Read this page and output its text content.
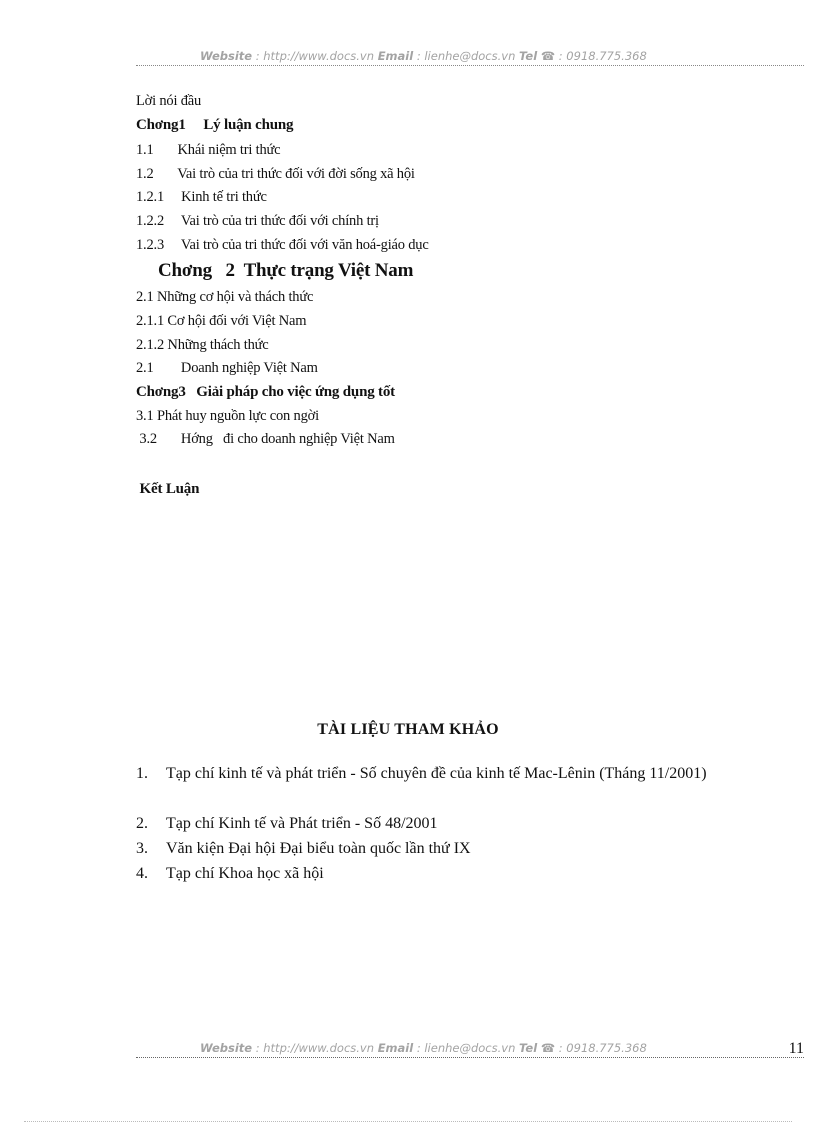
Website : http://www.docs.vn Email : lienhe@docs.vn Tel ☎ : 0918.775.368
Lời nói đầu
Chơng1     Lý luận chung
1.1       Khái niệm tri thức
1.2       Vai trò của tri thức đối với đời sống xã hội
1.2.1     Kinh tế tri thức
1.2.2     Vai trò của tri thức đối với chính trị
1.2.3     Vai trò của tri thức đối với văn hoá-giáo dục
Chơng   2  Thực trạng Việt Nam
2.1 Những cơ hội và thách thức
2.1.1 Cơ hội đối với Việt Nam
2.1.2 Những thách thức
2.1        Doanh nghiệp Việt Nam
Chơng3   Giải pháp cho việc ứng dụng tốt
3.1 Phát huy nguồn lực con ngời
3.2       Hớng   đi cho doanh nghiệp Việt Nam
Kết Luận
TÀI LIỆU THAM KHẢO
1. Tạp chí kinh tế và phát triển - Số chuyên đề của kinh tế Mac-Lênin (Tháng 11/2001)
2. Tạp chí Kinh tế và Phát triển - Số 48/2001
3. Văn kiện Đại hội Đại biểu toàn quốc lần thứ IX
4. Tạp chí Khoa học xã hội
Website : http://www.docs.vn Email : lienhe@docs.vn Tel ☎ : 0918.775.368	11
